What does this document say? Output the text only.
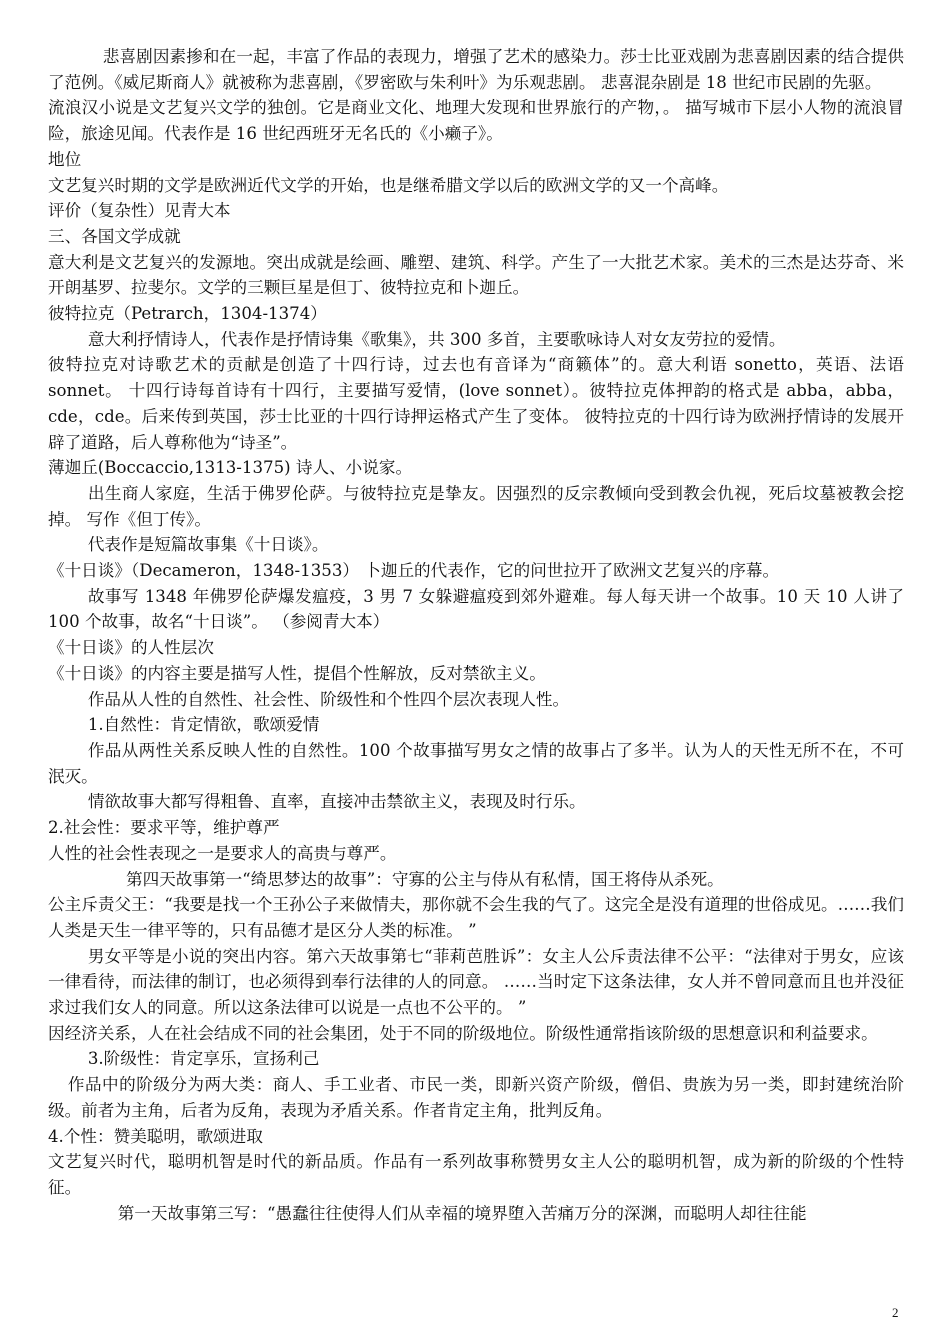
悲喜剧因素掺和在一起，丰富了作品的表现力，增强了艺术的感染力。莎士比亚戏剧为悲喜剧因素的结合提供了范例。《威尼斯商人》就被称为悲喜剧，《罗密欧与朱利叶》为乐观悲剧。 悲喜混杂剧是 18 世纪市民剧的先驱。

流浪汉小说是文艺复兴文学的独创。它是商业文化、地理大发现和世界旅行的产物，。 描写城市下层小人物的流浪冒险，旅途见闻。代表作是 16 世纪西班牙无名氏的《小癞子》。

地位

文艺复兴时期的文学是欧洲近代文学的开始，也是继希腊文学以后的欧洲文学的又一个高峰。

评价（复杂性）见青大本

三、各国文学成就

意大利是文艺复兴的发源地。突出成就是绘画、雕塑、建筑、科学。产生了一大批艺术家。美术的三杰是达芬奇、米开朗基罗、拉斐尔。文学的三颗巨星是但丁、彼特拉克和卜迦丘。

彼特拉克（Petrarch，1304-1374）

意大利抒情诗人，代表作是抒情诗集《歌集》，共 300 多首，主要歌咏诗人对女友劳拉的爱情。

彼特拉克对诗歌艺术的贡献是创造了十四行诗，过去也有音译为“商籁体”的。意大利语 sonetto，英语、法语 sonnet。 十四行诗每首诗有十四行，主要描写爱情，(love sonnet）。彼特拉克体押韵的格式是 abba，abba，cde，cde。后来传到英国，莎士比亚的十四行诗押运格式产生了变体。 彼特拉克的十四行诗为欧洲抒情诗的发展开辟了道路，后人尊称他为“诗圣”。

薄迦丘(Boccaccio,1313-1375) 诗人、小说家。

出生商人家庭，生活于佛罗伦萨。与彼特拉克是挚友。因强烈的反宗教倾向受到教会仇视，死后坟墓被教会挖掉。 写作《但丁传》。

代表作是短篇故事集《十日谈》。

《十日谈》（Decameron，1348-1353） 卜迦丘的代表作，它的问世拉开了欧洲文艺复兴的序幕。

故事写 1348 年佛罗伦萨爆发瘟疫，3 男 7 女躲避瘟疫到郊外避难。每人每天讲一个故事。10 天 10 人讲了 100 个故事，故名“十日谈”。 （参阅青大本）

《十日谈》的人性层次

《十日谈》的内容主要是描写人性，提倡个性解放，反对禁欲主义。

作品从人性的自然性、社会性、阶级性和个性四个层次表现人性。

1.自然性：肯定情欲，歌颂爱情

作品从两性关系反映人性的自然性。100 个故事描写男女之情的故事占了多半。认为人的天性无所不在，不可泯灭。

情欲故事大都写得粗鲁、直率，直接冲击禁欲主义，表现及时行乐。

2.社会性：要求平等，维护尊严

人性的社会性表现之一是要求人的高贵与尊严。

第四天故事第一“绮思梦达的故事”：守寡的公主与侍从有私情，国王将侍从杀死。

公主斥责父王：“我要是找一个王孙公子来做情夫，那你就不会生我的气了。这完全是没有道理的世俗成见。……我们人类是天生一律平等的，只有品德才是区分人类的标准。 ”

男女平等是小说的突出内容。第六天故事第七“菲莉芭胜诉”：女主人公斥责法律不公平：“法律对于男女，应该一律看待，而法律的制订，也必须得到奉行法律的人的同意。 ……当时定下这条法律，女人并不曾同意而且也并没征求过我们女人的同意。所以这条法律可以说是一点也不公平的。 ”

因经济关系，人在社会结成不同的社会集团，处于不同的阶级地位。阶级性通常指该阶级的思想意识和利益要求。

3.阶级性：肯定享乐，宣扬利己

作品中的阶级分为两大类：商人、手工业者、市民一类，即新兴资产阶级，僧侣、贵族为另一类，即封建统治阶级。前者为主角，后者为反角，表现为矛盾关系。作者肯定主角，批判反角。

4.个性：赞美聪明，歌颂进取

文艺复兴时代，聪明机智是时代的新品质。作品有一系列故事称赞男女主人公的聪明机智，成为新的阶级的个性特征。

第一天故事第三写：“愚蠢往往使得人们从幸福的境界堕入苦痛万分的深渊，而聪明人却往往能

2
